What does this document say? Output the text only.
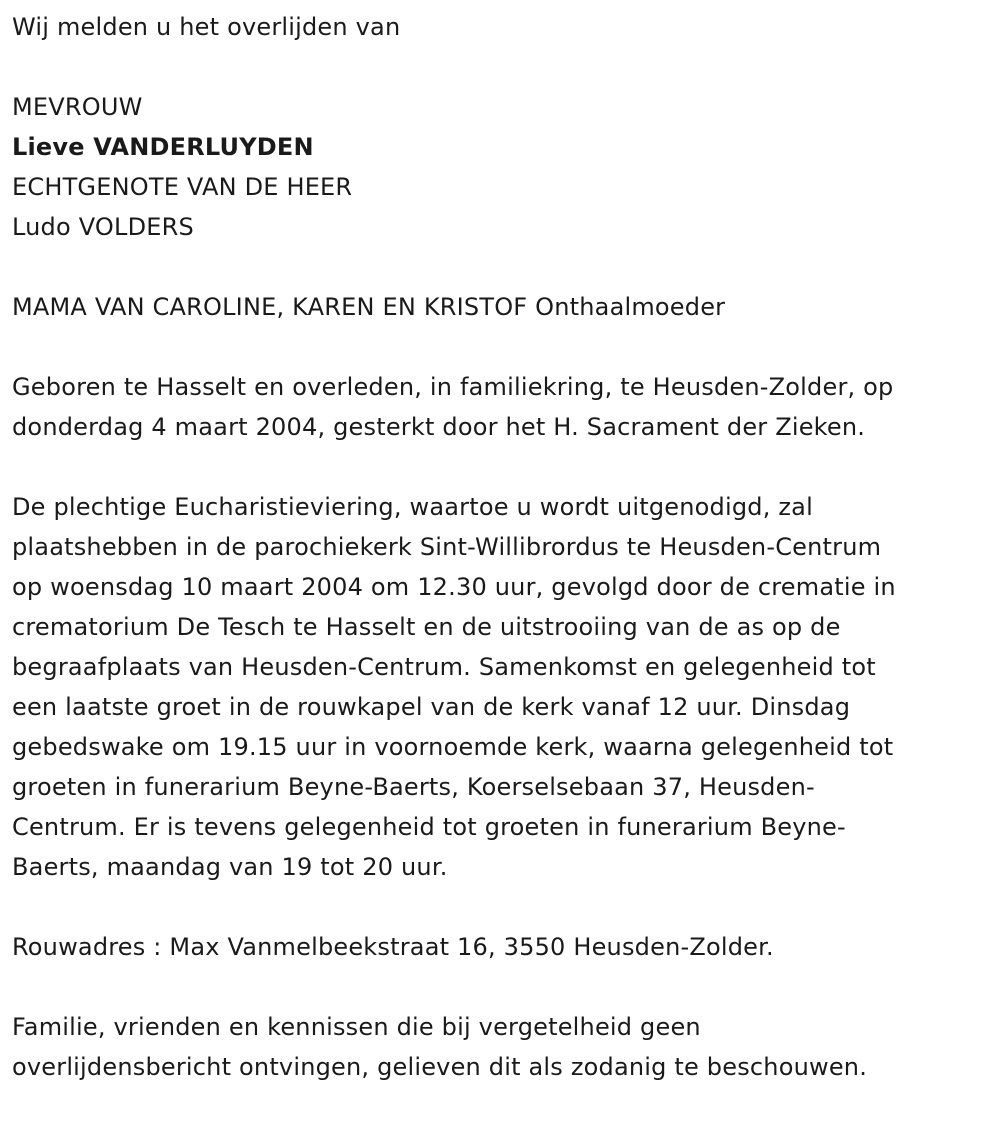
Wij melden u het overlijden van

MEVROUW

Lieve VANDERLUYDEN

ECHTGENOTE VAN DE HEER

Ludo VOLDERS

MAMA VAN CAROLINE, KAREN EN KRISTOF Onthaalmoeder

Geboren te Hasselt en overleden, in familiekring, te Heusden-Zolder, op

donderdag 4 maart 2004, gesterkt door het H. Sacrament der Zieken.

De plechtige Eucharistieviering, waartoe u wordt uitgenodigd, zal

plaatshebben in de parochiekerk Sint-Willibrordus te Heusden-Centrum

op woensdag 10 maart 2004 om 12.30 uur, gevolgd door de crematie in

crematorium De Tesch te Hasselt en de uitstrooiing van de as op de

begraafplaats van Heusden-Centrum. Samenkomst en gelegenheid tot

een laatste groet in de rouwkapel van de kerk vanaf 12 uur. Dinsdag

gebedswake om 19.15 uur in voornoemde kerk, waarna gelegenheid tot

groeten in funerarium Beyne-Baerts, Koerselsebaan 37, Heusden-

Centrum. Er is tevens gelegenheid tot groeten in funerarium Beyne-

Baerts, maandag van 19 tot 20 uur.

Rouwadres : Max Vanmelbeekstraat 16, 3550 Heusden-Zolder.

Familie, vrienden en kennissen die bij vergetelheid geen

overlijdensbericht ontvingen, gelieven dit als zodanig te beschouwen.
